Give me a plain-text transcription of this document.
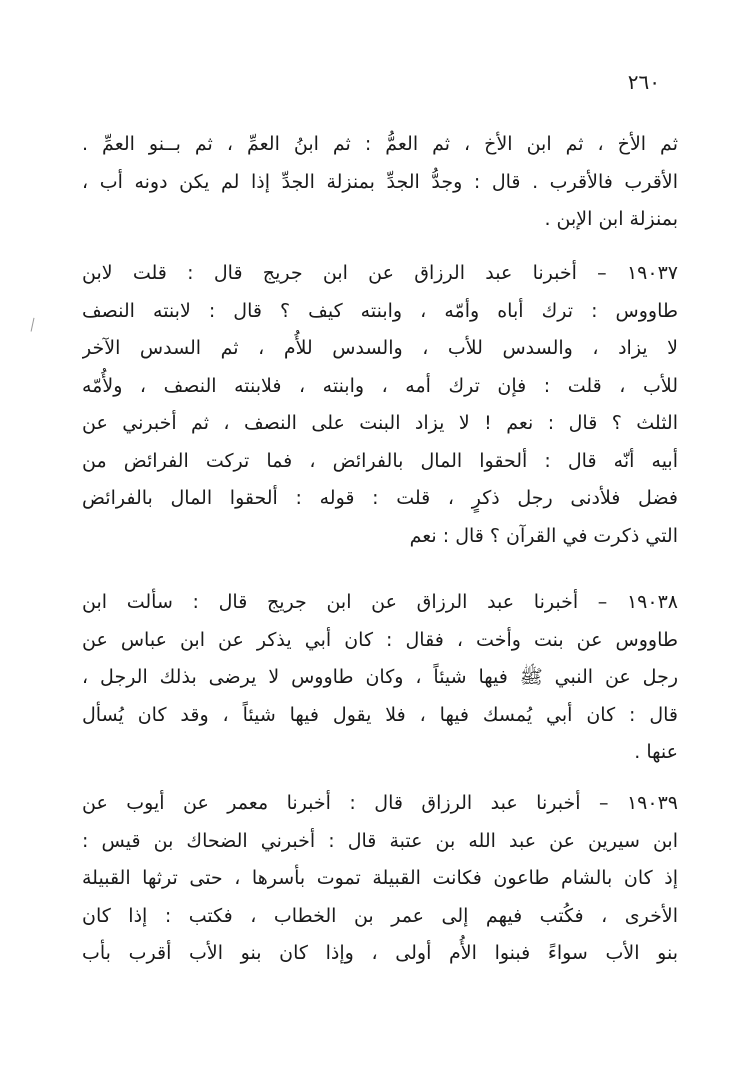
٢٦٠
ثم الأخ ، ثم ابن الأخ ، ثم العمُّ : ثم ابنُ العمِّ ، ثم بــنو العمِّ .
الأقرب فالأقرب . قال : وجدُّ الجدِّ بمنزلة الجدِّ إذا لم يكن دونه أب ،
بمنزلة ابن الإبن .
١٩٠٣٧ – أخبرنا عبد الرزاق عن ابن جريج قال : قلت لابن
طاووس : ترك أباه وأمّه ، وابنته كيف ؟ قال : لابنته النصف
لا يزاد ، والسدس للأب ، والسدس للأُم ، ثم السدس الآخر
للأب ، قلت : فإن ترك أمه ، وابنته ، فلابنته النصف ، ولأُمّه
الثلث ؟ قال : نعم ! لا يزاد البنت على النصف ، ثم أخبرني عن
أبيه أنّه قال : ألحقوا المال بالفرائض ، فما تركت الفرائض من
فضل فلأدنى رجل ذكرٍ ، قلت : قوله : ألحقوا المال بالفرائض
التي ذكرت في القرآن ؟ قال : نعم
١٩٠٣٨ – أخبرنا عبد الرزاق عن ابن جريج قال : سألت ابن
طاووس عن بنت وأخت ، فقال : كان أبي يذكر عن ابن عباس عن
رجل عن النبي ﷺ فيها شيئاً ، وكان طاووس لا يرضى بذلك الرجل ،
قال : كان أبي يُمسك فيها ، فلا يقول فيها شيئاً ، وقد كان يُسأل
عنها .
١٩٠٣٩ – أخبرنا عبد الرزاق قال : أخبرنا معمر عن أيوب عن
ابن سيرين عن عبد الله بن عتبة قال : أخبرني الضحاك بن قيس :
إذ كان بالشام طاعون فكانت القبيلة تموت بأسرها ، حتى ترثها القبيلة
الأخرى ، فكُتب فيهم إلى عمر بن الخطاب ، فكتب : إذا كان
بنو الأب سواءً فبنوا الأُم أولى ، وإذا كان بنو الأب أقرب بأب
